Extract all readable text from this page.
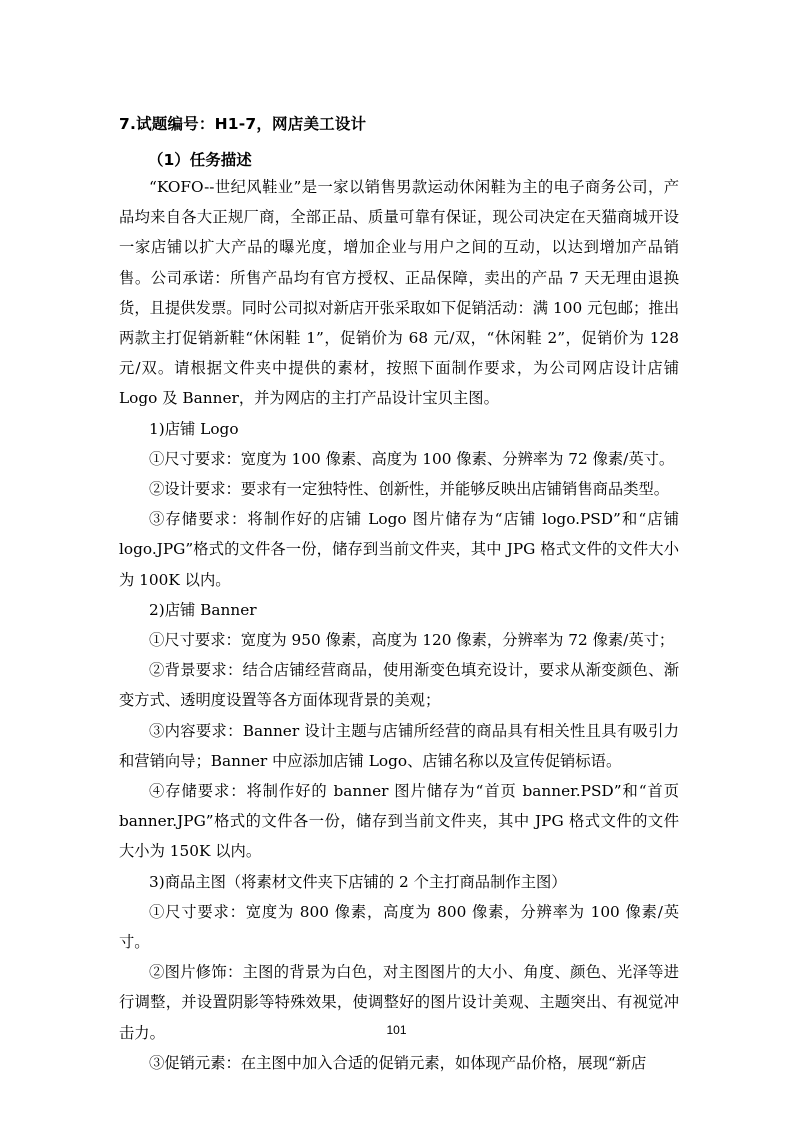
7.试题编号：H1-7，网店美工设计
（1）任务描述

“KOFO--世纪风鞋业”是一家以销售男款运动休闲鞋为主的电子商务公司，产品均来自各大正规厂商，全部正品、质量可靠有保证，现公司决定在天猫商城开设一家店铺以扩大产品的曝光度，增加企业与用户之间的互动，以达到增加产品销售。公司承诺：所售产品均有官方授权、正品保障，卖出的产品 7 天无理由退换货，且提供发票。同时公司拟对新店开张采取如下促销活动：满 100 元包邮；推出两款主打促销新鞋“休闲鞋 1”，促销价为 68 元/双，“休闲鞋 2”，促销价为 128 元/双。请根据文件夹中提供的素材，按照下面制作要求，为公司网店设计店铺 Logo 及 Banner，并为网店的主打产品设计宝贝主图。

1)店铺 Logo

①尺寸要求：宽度为 100 像素、高度为 100 像素、分辨率为 72 像素/英寸。

②设计要求：要求有一定独特性、创新性，并能够反映出店铺销售商品类型。

③存储要求：将制作好的店铺 Logo 图片储存为“店铺 logo.PSD”和“店铺 logo.JPG”格式的文件各一份，储存到当前文件夹，其中 JPG 格式文件的文件大小为 100K 以内。

2)店铺 Banner

①尺寸要求：宽度为 950 像素，高度为 120 像素，分辨率为 72 像素/英寸；

②背景要求：结合店铺经营商品，使用渐变色填充设计，要求从渐变颜色、渐变方式、透明度设置等各方面体现背景的美观；

③内容要求：Banner 设计主题与店铺所经营的商品具有相关性且具有吸引力和营销向导；Banner 中应添加店铺 Logo、店铺名称以及宣传促销标语。

④存储要求：将制作好的 banner 图片储存为“首页 banner.PSD”和“首页 banner.JPG”格式的文件各一份，储存到当前文件夹，其中 JPG 格式文件的文件大小为 150K 以内。

3)商品主图（将素材文件夹下店铺的 2 个主打商品制作主图）

①尺寸要求：宽度为 800 像素，高度为 800 像素，分辨率为 100 像素/英寸。

②图片修饰：主图的背景为白色，对主图图片的大小、角度、颜色、光泽等进行调整，并设置阴影等特殊效果，使调整好的图片设计美观、主题突出、有视觉冲击力。

③促销元素：在主图中加入合适的促销元素，如体现产品价格，展现“新店

101
